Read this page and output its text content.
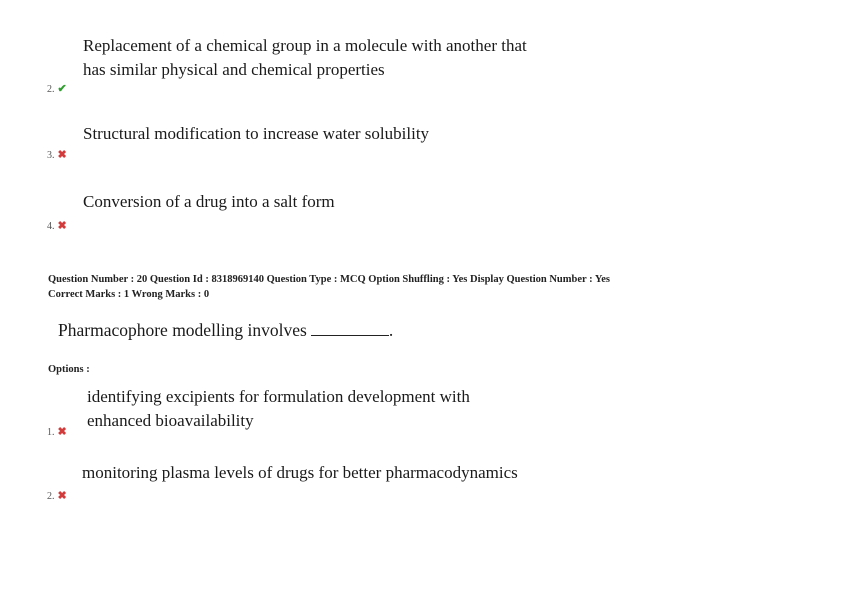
Replacement of a chemical group in a molecule with another that
has similar physical and chemical properties
2. ✔
Structural modification to increase water solubility
3. ✖
Conversion of a drug into a salt form
4. ✖
Question Number : 20 Question Id : 8318969140 Question Type : MCQ Option Shuffling : Yes Display Question Number : Yes
Correct Marks : 1 Wrong Marks : 0
Pharmacophore modelling involves	.
Options :
identifying excipients for formulation development with
enhanced bioavailability
1. ✖
monitoring plasma levels of drugs for better pharmacodynamics
2. ✖
